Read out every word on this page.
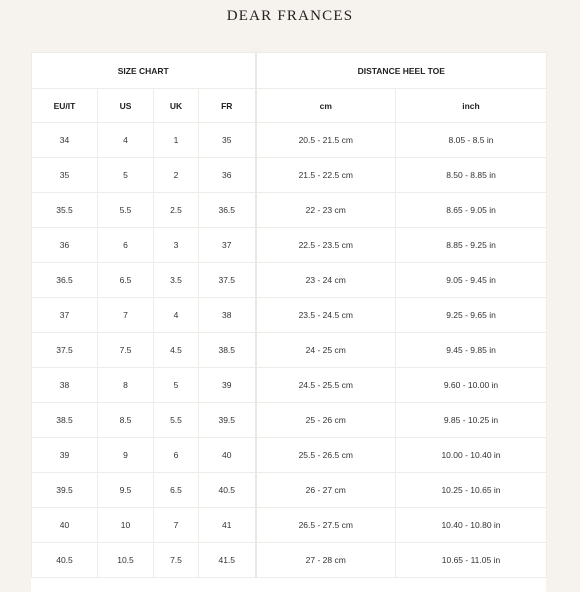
DEAR FRANCES
SIZE CHART				DISTANCE HEEL TOE	
EU/IT	US	UK	FR	cm	inch
34	4	1	35	20.5 - 21.5 cm	8.05 - 8.5 in
35	5	2	36	21.5 - 22.5 cm	8.50 - 8.85 in
35.5	5.5	2.5	36.5	22 - 23 cm	8.65 - 9.05 in
36	6	3	37	22.5 - 23.5 cm	8.85 - 9.25 in
36.5	6.5	3.5	37.5	23 - 24 cm	9.05 - 9.45 in
37	7	4	38	23.5 - 24.5 cm	9.25 - 9.65 in
37.5	7.5	4.5	38.5	24 - 25 cm	9.45 - 9.85 in
38	8	5	39	24.5 - 25.5 cm	9.60 - 10.00 in
38.5	8.5	5.5	39.5	25 - 26 cm	9.85 - 10.25 in
39	9	6	40	25.5 - 26.5 cm	10.00 - 10.40 in
39.5	9.5	6.5	40.5	26 - 27 cm	10.25 - 10.65 in
40	10	7	41	26.5 - 27.5 cm	10.40 - 10.80 in
40.5	10.5	7.5	41.5	27 - 28 cm	10.65 - 11.05 in
